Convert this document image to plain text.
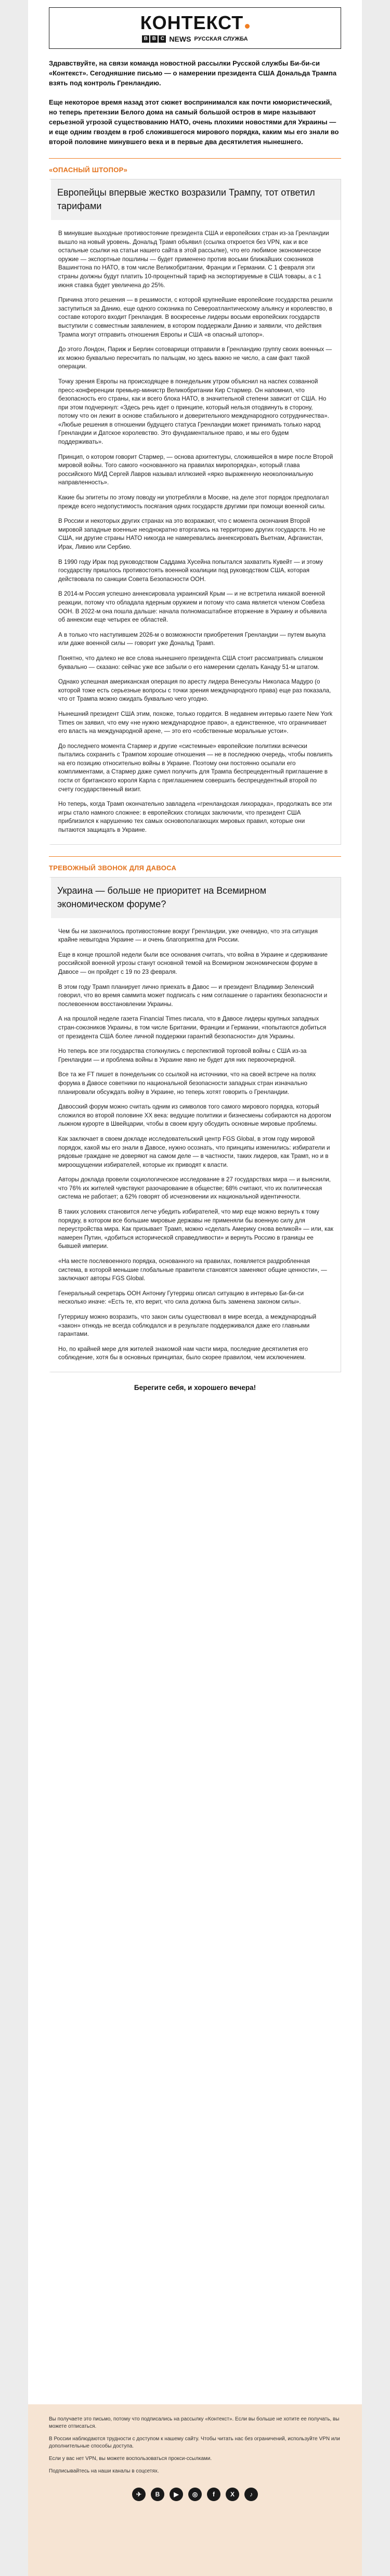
КОНТЕКСТ
B B C NEWS РУССКАЯ СЛУЖБА

Здравствуйте, на связи команда новостной рассылки Русской службы Би-би-си «Контекст». Сегодняшние письмо — о намерении президента США Дональда Трампа взять под контроль Гренландию.

Еще некоторое время назад этот сюжет воспринимался как почти юмористический, но теперь претензии Белого дома на самый большой остров в мире называют серьезной угрозой существованию НАТО, очень плохими новостями для Украины — и еще одним гвоздем в гроб сложившегося мирового порядка, каким мы его знали во второй половине минувшего века и в первые два десятилетия нынешнего.

«ОПАСНЫЙ ШТОПОР»
Европейцы впервые жестко возразили Трампу, тот ответил тарифами

В минувшие выходные противостояние президента США и европейских стран из-за Гренландии вышло на новый уровень. Дональд Трамп объявил (ссылка откроется без VPN, как и все остальные ссылки на статьи нашего сайта в этой рассылке), что его любимое экономическое оружие — экспортные пошлины — будет применено против восьми ближайших союзников Вашингтона по НАТО, в том числе Великобритании, Франции и Германии. С 1 февраля эти страны должны будут платить 10-процентный тариф на экспортируемые в США товары, а с 1 июня ставка будет увеличена до 25%.

Причина этого решения — в решимости, с которой крупнейшие европейские государства решили заступиться за Данию, еще одного союзника по Североатлантическому альянсу и королевство, в составе которого входит Гренландия. В воскресенье лидеры восьми европейских государств выступили с совместным заявлением, в котором поддержали Данию и заявили, что действия Трампа могут отправить отношения Европы и США «в опасный штопор».

До этого Лондон, Париж и Берлин сотоварищи отправили в Гренландию группу своих военных — их можно буквально пересчитать по пальцам, но здесь важно не число, а сам факт такой операции.

Точку зрения Европы на происходящее в понедельник утром объяснил на наспех созванной пресс-конференции премьер-министр Великобритании Кир Стармер. Он напомнил, что безопасность его страны, как и всего блока НАТО, в значительной степени зависит от США. Но при этом подчеркнул: «Здесь речь идет о принципе, который нельзя отодвинуть в сторону, потому что он лежит в основе стабильного и доверительного международного сотрудничества». «Любые решения в отношении будущего статуса Гренландии может принимать только народ Гренландии и Датское королевство. Это фундаментальное право, и мы его будем поддерживать».

Принцип, о котором говорит Стармер, — основа архитектуры, сложившейся в мире после Второй мировой войны. Того самого «основанного на правилах миропорядка», который глава российского МИД Сергей Лавров называл иллюзией «ярко выраженную неоколониальную направленность».

Какие бы эпитеты по этому поводу ни употребляли в Москве, на деле этот порядок предполагал прежде всего недопустимость посягания одних государств другими при помощи военной силы.

В России и некоторых других странах на это возражают, что с момента окончания Второй мировой западные военные неоднократно вторгались на территорию других государств. Но не США, ни другие страны НАТО никогда не намеревались аннексировать Вьетнам, Афганистан, Ирак, Ливию или Сербию.

В 1990 году Ирак под руководством Саддама Хусейна попытался захватить Кувейт — и этому государству пришлось противостоять военной коалиции под руководством США, которая действовала по санкции Совета Безопасности ООН.

В 2014-м Россия успешно аннексировала украинский Крым — и не встретила никакой военной реакции, потому что обладала ядерным оружием и потому что сама является членом Совбеза ООН. В 2022-м она пошла дальше: начала полномасштабное вторжение в Украину и объявила об аннексии еще четырех ее областей.

А в только что наступившем 2026-м о возможности приобретения Гренландии — путем выкупа или даже военной силы — говорит уже Дональд Трамп.

Понятно, что далеко не все слова нынешнего президента США стоит рассматривать слишком буквально — сказано: сейчас уже все забыли о его намерении сделать Канаду 51-м штатом.

Однако успешная американская операция по аресту лидера Венесуэлы Николаса Мадуро (о которой тоже есть серьезные вопросы с точки зрения международного права) еще раз показала, что от Трампа можно ожидать буквально чего угодно.

Нынешний президент США этим, похоже, только гордится. В недавнем интервью газете New York Times он заявил, что ему «не нужно международное право», а единственное, что ограничивает его власть на международной арене, — это его «собственные моральные устои».

До последнего момента Стармер и другие «системные» европейские политики всячески пытались сохранить с Трампом хорошие отношения — не в последнюю очередь, чтобы повлиять на его позицию относительно войны в Украине. Поэтому они постоянно осыпали его комплиментами, а Стармер даже сумел получить для Трампа беспрецедентный приглашение в гости от британского короля Карла с приглашением совершить беспрецедентный второй по счету государственный визит.

Но теперь, когда Трамп окончательно завладела «гренландская лихорадка», продолжать все эти игры стало намного сложнее: в европейских столицах заключили, что президент США приблизился к нарушению тех самых основополагающих мировых правил, которые они пытаются защищать в Украине.

ТРЕВОЖНЫЙ ЗВОНОК ДЛЯ ДАВОСА
Украина — больше не приоритет на Всемирном экономическом форуме?

Чем бы ни закончилось противостояние вокруг Гренландии, уже очевидно, что эта ситуация крайне невыгодна Украине — и очень благоприятна для России.

Еще в конце прошлой недели были все основания считать, что война в Украине и сдерживание российской военной угрозы станут основной темой на Всемирном экономическом форуме в Давосе — он пройдет с 19 по 23 февраля.

В этом году Трамп планирует лично приехать в Давос — и президент Владимир Зеленский говорил, что во время саммита может подписать с ним соглашение о гарантиях безопасности и послевоенном восстановлении Украины.

А на прошлой неделе газета Financial Times писала, что в Давосе лидеры крупных западных стран-союзников Украины, в том числе Британии, Франции и Германии, «попытаются добиться от президента США более личной поддержки гарантий безопасности» для Украины.

Но теперь все эти государства столкнулись с перспективой торговой войны с США из-за Гренландии — и проблема войны в Украине явно не будет для них первоочередной.

Все та же FT пишет в понедельник со ссылкой на источники, что на своей встрече на полях форума в Давосе советники по национальной безопасности западных стран изначально планировали обсуждать войну в Украине, но теперь хотят говорить о Гренландии.

Давосский форум можно считать одним из символов того самого мирового порядка, который сложился во второй половине XX века: ведущие политики и бизнесмены собираются на дорогом лыжном курорте в Швейцарии, чтобы в своем кругу обсудить основные мировые проблемы.

Как заключает в своем докладе исследовательский центр FGS Global, в этом году мировой порядок, какой мы его знали в Давосе, нужно осознать, что принципы изменились: избиратели и рядовые граждане не доверяют на самом деле — в частности, таких лидеров, как Трамп, но и в мироощущении избирателей, которые их приводят к власти.

Авторы доклада провели социологическое исследование в 27 государствах мира — и выяснили, что 76% их жителей чувствуют разочарование в обществе; 68% считают, что их политическая система не работает; а 62% говорят об исчезновении их национальной идентичности.

В таких условиях становится легче убедить избирателей, что мир еще можно вернуть к тому порядку, в котором все большие мировые державы не применяли бы военную силу для переустройства мира. Как призывает Трамп, можно «сделать Америку снова великой» — или, как намерен Путин, «добиться исторической справедливости» и вернуть Россию в границы ее бывшей империи.

«На месте послевоенного порядка, основанного на правилах, появляется раздробленная система, в которой меньшие глобальные правители становятся заменяют общие ценности», — заключают авторы FGS Global.

Генеральный секретарь ООН Антониу Гутерриш описал ситуацию в интервью Би-би-си несколько иначе: «Есть те, кто верит, что сила должна быть заменена законом силы».

Гутерришу можно возразить, что закон силы существовал в мире всегда, а международный «закон» отнюдь не всегда соблюдался и в результате поддерживался даже его главными гарантами.

Но, по крайней мере для жителей знакомой нам части мира, последние десятилетия его соблюдение, хотя бы в основных принципах, было скорее правилом, чем исключением.

Берегите себя, и хорошего вечера!

Вы получаете это письмо, потому что подписались на рассылку «Контекст». Если вы больше не хотите ее получать, вы можете отписаться.

В России наблюдаются трудности с доступом к нашему сайту. Чтобы читать нас без ограничений, используйте VPN или дополнительные способы доступа.

Если у вас нет VPN, вы можете воспользоваться прокси-ссылками.

Подписывайтесь на наши каналы в соцсетях.

✈	В	▶	◎	f	X	♪
